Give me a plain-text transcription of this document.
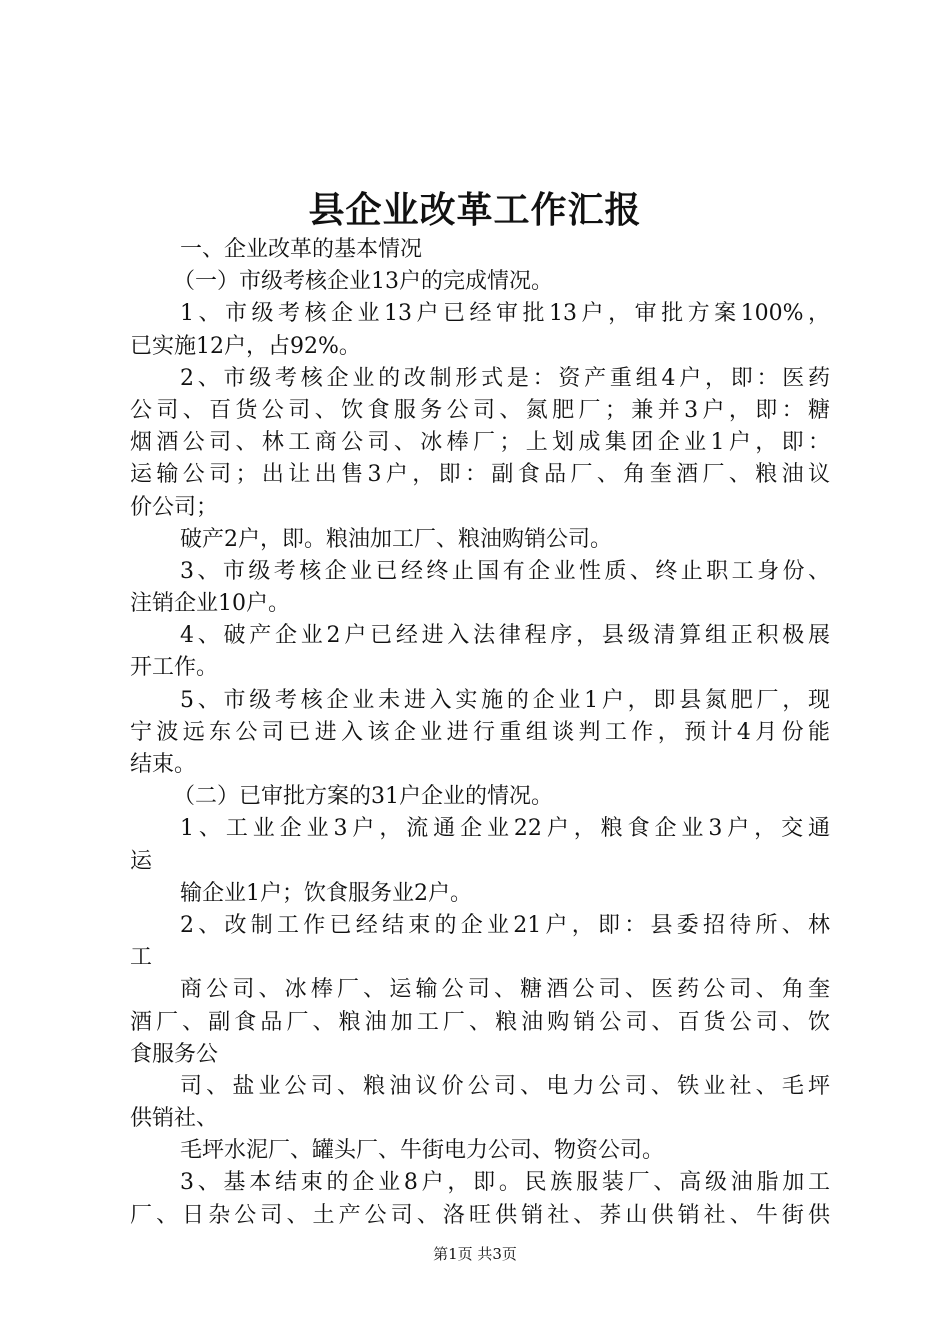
县企业改革工作汇报
一、企业改革的基本情况
（一）市级考核企业13户的完成情况。
1、市级考核企业13户已经审批13户，审批方案100%，
已实施12户，占92%。
2、市级考核企业的改制形式是：资产重组4户，即：医药
公司、百货公司、饮食服务公司、氮肥厂；兼并3户，即：糖
烟酒公司、林工商公司、冰棒厂；上划成集团企业1户，即：
运输公司；出让出售3户，即：副食品厂、角奎酒厂、粮油议
价公司；
破产2户，即。粮油加工厂、粮油购销公司。
3、市级考核企业已经终止国有企业性质、终止职工身份、
注销企业10户。
4、破产企业2户已经进入法律程序，县级清算组正积极展
开工作。
5、市级考核企业未进入实施的企业1户，即县氮肥厂，现
宁波远东公司已进入该企业进行重组谈判工作，预计4月份能
结束。
（二）已审批方案的31户企业的情况。
1、工业企业3户，流通企业22户，粮食企业3户，交通
运
输企业1户；饮食服务业2户。
2、改制工作已经结束的企业21户，即：县委招待所、林
工
商公司、冰棒厂、运输公司、糖酒公司、医药公司、角奎
酒厂、副食品厂、粮油加工厂、粮油购销公司、百货公司、饮
食服务公
司、盐业公司、粮油议价公司、电力公司、铁业社、毛坪
供销社、
毛坪水泥厂、罐头厂、牛街电力公司、物资公司。
3、基本结束的企业8户，即。民族服装厂、高级油脂加工
厂、日杂公司、土产公司、洛旺供销社、荞山供销社、牛街供
第1页 共3页
